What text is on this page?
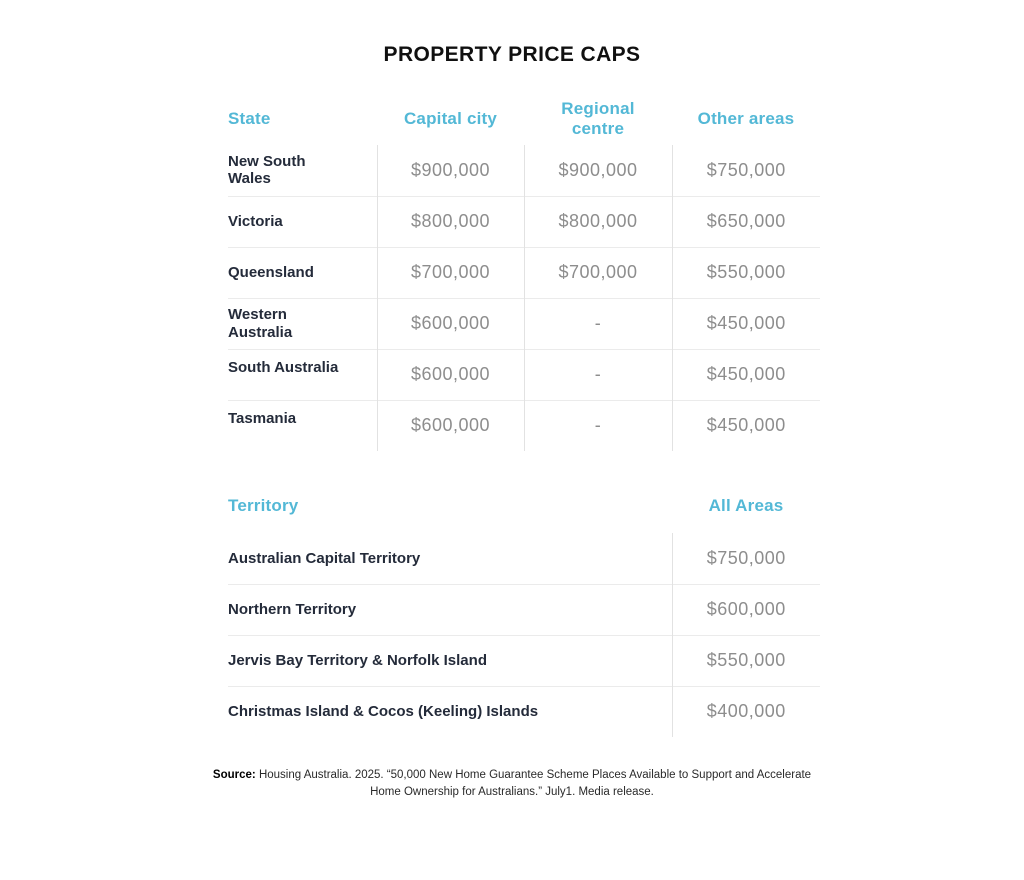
PROPERTY PRICE CAPS
State	Capital city	Regional centre	Other areas
New South Wales	$900,000	$900,000	$750,000
Victoria	$800,000	$800,000	$650,000
Queensland	$700,000	$700,000	$550,000
Western Australia	$600,000	-	$450,000
South Australia	$600,000	-	$450,000
Tasmania	$600,000	-	$450,000
Territory	All Areas
Australian Capital Territory	$750,000
Northern Territory	$600,000
Jervis Bay Territory & Norfolk Island	$550,000
Christmas Island & Cocos (Keeling) Islands	$400,000

Source: Housing Australia. 2025. “50,000 New Home Guarantee Scheme Places Available to Support and Accelerate Home Ownership for Australians.” July1. Media release.
